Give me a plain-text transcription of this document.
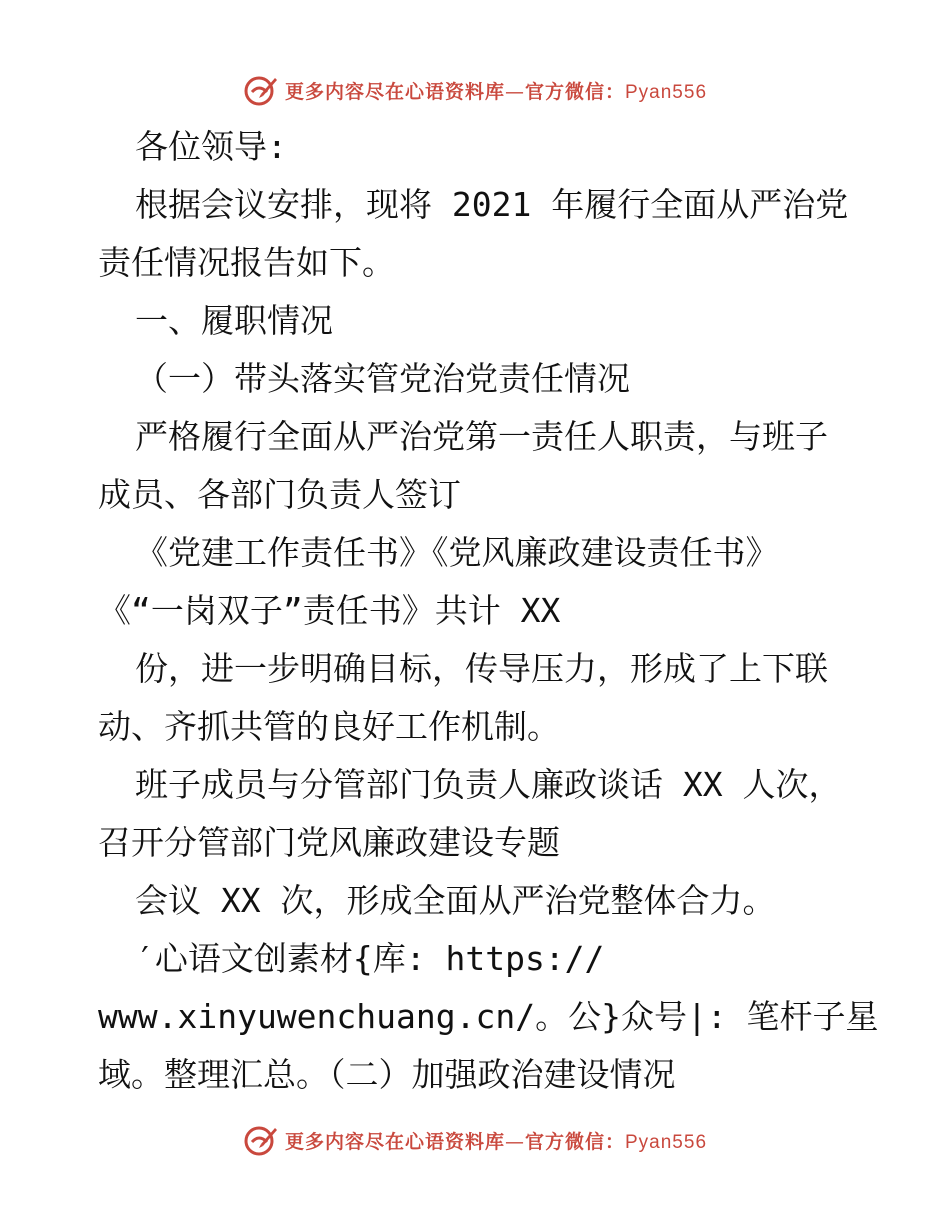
更多内容尽在心语资料库—官方微信：Pyan556
各位领导:
根据会议安排，现将 2021 年履行全面从严治党
责任情况报告如下。
一、履职情况
（一）带头落实管党治党责任情况
严格履行全面从严治党第一责任人职责，与班子
成员、各部门负责人签订
《党建工作责任书》《党风廉政建设责任书》
《“一岗双子”责任书》共计 XX
份，进一步明确目标，传导压力，形成了上下联
动、齐抓共管的良好工作机制。
班子成员与分管部门负责人廉政谈话 XX 人次，
召开分管部门党风廉政建设专题
会议 XX 次，形成全面从严治党整体合力。
′心语文创素材{库: https://
www.xinyuwenchuang.cn/。公}众号|: 笔杆子星
域。整理汇总。（二）加强政治建设情况
更多内容尽在心语资料库—官方微信：Pyan556
